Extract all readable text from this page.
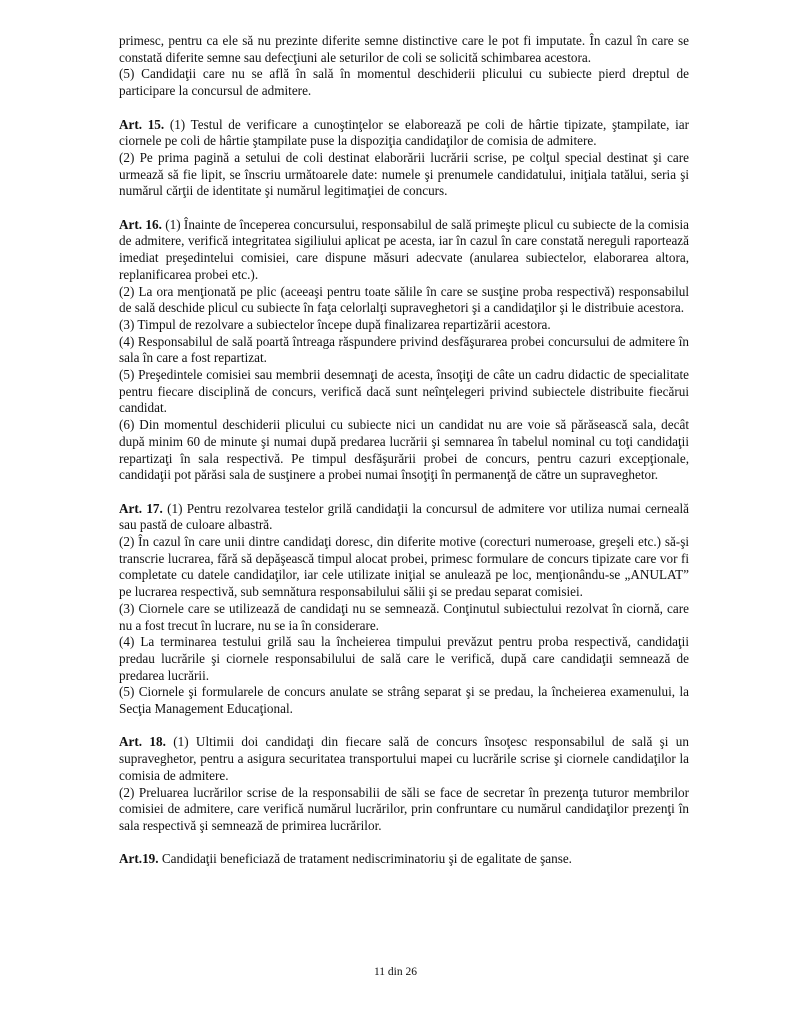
primesc, pentru ca ele să nu prezinte diferite semne distinctive care le pot fi imputate. În cazul în care se constată diferite semne sau defecţiuni ale seturilor de coli se solicită schimbarea acestora.

(5) Candidaţii care nu se află în sală în momentul deschiderii plicului cu subiecte pierd dreptul de participare la concursul de admitere.

Art. 15. (1) Testul de verificare a cunoştinţelor se elaborează pe coli de hârtie tipizate, ştampilate, iar ciornele pe coli de hârtie ştampilate puse la dispoziţia candidaţilor de comisia de admitere.

(2) Pe prima pagină a setului de coli destinat elaborării lucrării scrise, pe colţul special destinat şi care urmează să fie lipit, se înscriu următoarele date: numele şi prenumele candidatului, iniţiala tatălui, seria şi numărul cărţii de identitate şi numărul legitimaţiei de concurs.

Art. 16. (1) Înainte de începerea concursului, responsabilul de sală primeşte plicul cu subiecte de la comisia de admitere, verifică integritatea sigiliului aplicat pe acesta, iar în cazul în care constată nereguli raportează imediat preşedintelui comisiei, care dispune măsuri adecvate (anularea subiectelor, elaborarea altora, replanificarea probei etc.).

(2) La ora menţionată pe plic (aceeaşi pentru toate sălile în care se susţine proba respectivă) responsabilul de sală deschide plicul cu subiecte în faţa celorlalţi supraveghetori şi a candidaţilor şi le distribuie acestora.

(3) Timpul de rezolvare a subiectelor începe după finalizarea repartizării acestora.

(4) Responsabilul de sală poartă întreaga răspundere privind desfăşurarea probei concursului de admitere în sala în care a fost repartizat.

(5) Preşedintele comisiei sau membrii desemnaţi de acesta, însoţiţi de câte un cadru didactic de specialitate pentru fiecare disciplină de concurs, verifică dacă sunt neînţelegeri privind subiectele distribuite fiecărui candidat.

(6) Din momentul deschiderii plicului cu subiecte nici un candidat nu are voie să părăsească sala, decât după minim 60 de minute şi numai după predarea lucrării şi semnarea în tabelul nominal cu toţi candidaţii repartizaţi în sala respectivă. Pe timpul desfăşurării probei de concurs, pentru cazuri excepţionale, candidaţii pot părăsi sala de susţinere a probei numai însoţiţi în permanenţă de către un supraveghetor.

Art. 17. (1) Pentru rezolvarea testelor grilă candidaţii la concursul de admitere vor utiliza numai cerneală sau pastă de culoare albastră.

(2) În cazul în care unii dintre candidaţi doresc, din diferite motive (corecturi numeroase, greşeli etc.) să-şi transcrie lucrarea, fără să depăşească timpul alocat probei, primesc formulare de concurs tipizate care vor fi completate cu datele candidaţilor, iar cele utilizate iniţial se anulează pe loc, menţionându-se „ANULAT” pe lucrarea respectivă, sub semnătura responsabilului sălii şi se predau separat comisiei.

(3) Ciornele care se utilizează de candidaţi nu se semnează. Conţinutul subiectului rezolvat în ciornă, care nu a fost trecut în lucrare, nu se ia în considerare.

(4) La terminarea testului grilă sau la încheierea timpului prevăzut pentru proba respectivă, candidaţii predau lucrările şi ciornele responsabilului de sală care le verifică, după care candidaţii semnează de predarea lucrării.

(5) Ciornele şi formularele de concurs anulate se strâng separat şi se predau, la încheierea examenului, la Secţia Management Educaţional.

Art. 18. (1) Ultimii doi candidaţi din fiecare sală de concurs însoţesc responsabilul de sală şi un supraveghetor, pentru a asigura securitatea transportului mapei cu lucrările scrise şi ciornele candidaţilor la comisia de admitere.

(2) Preluarea lucrărilor scrise de la responsabilii de săli se face de secretar în prezenţa tuturor membrilor comisiei de admitere, care verifică numărul lucrărilor, prin confruntare cu numărul candidaţilor prezenţi în sala respectivă şi semnează de primirea lucrărilor.

Art.19. Candidaţii beneficiază de tratament nediscriminatoriu şi de egalitate de şanse.

11 din 26
